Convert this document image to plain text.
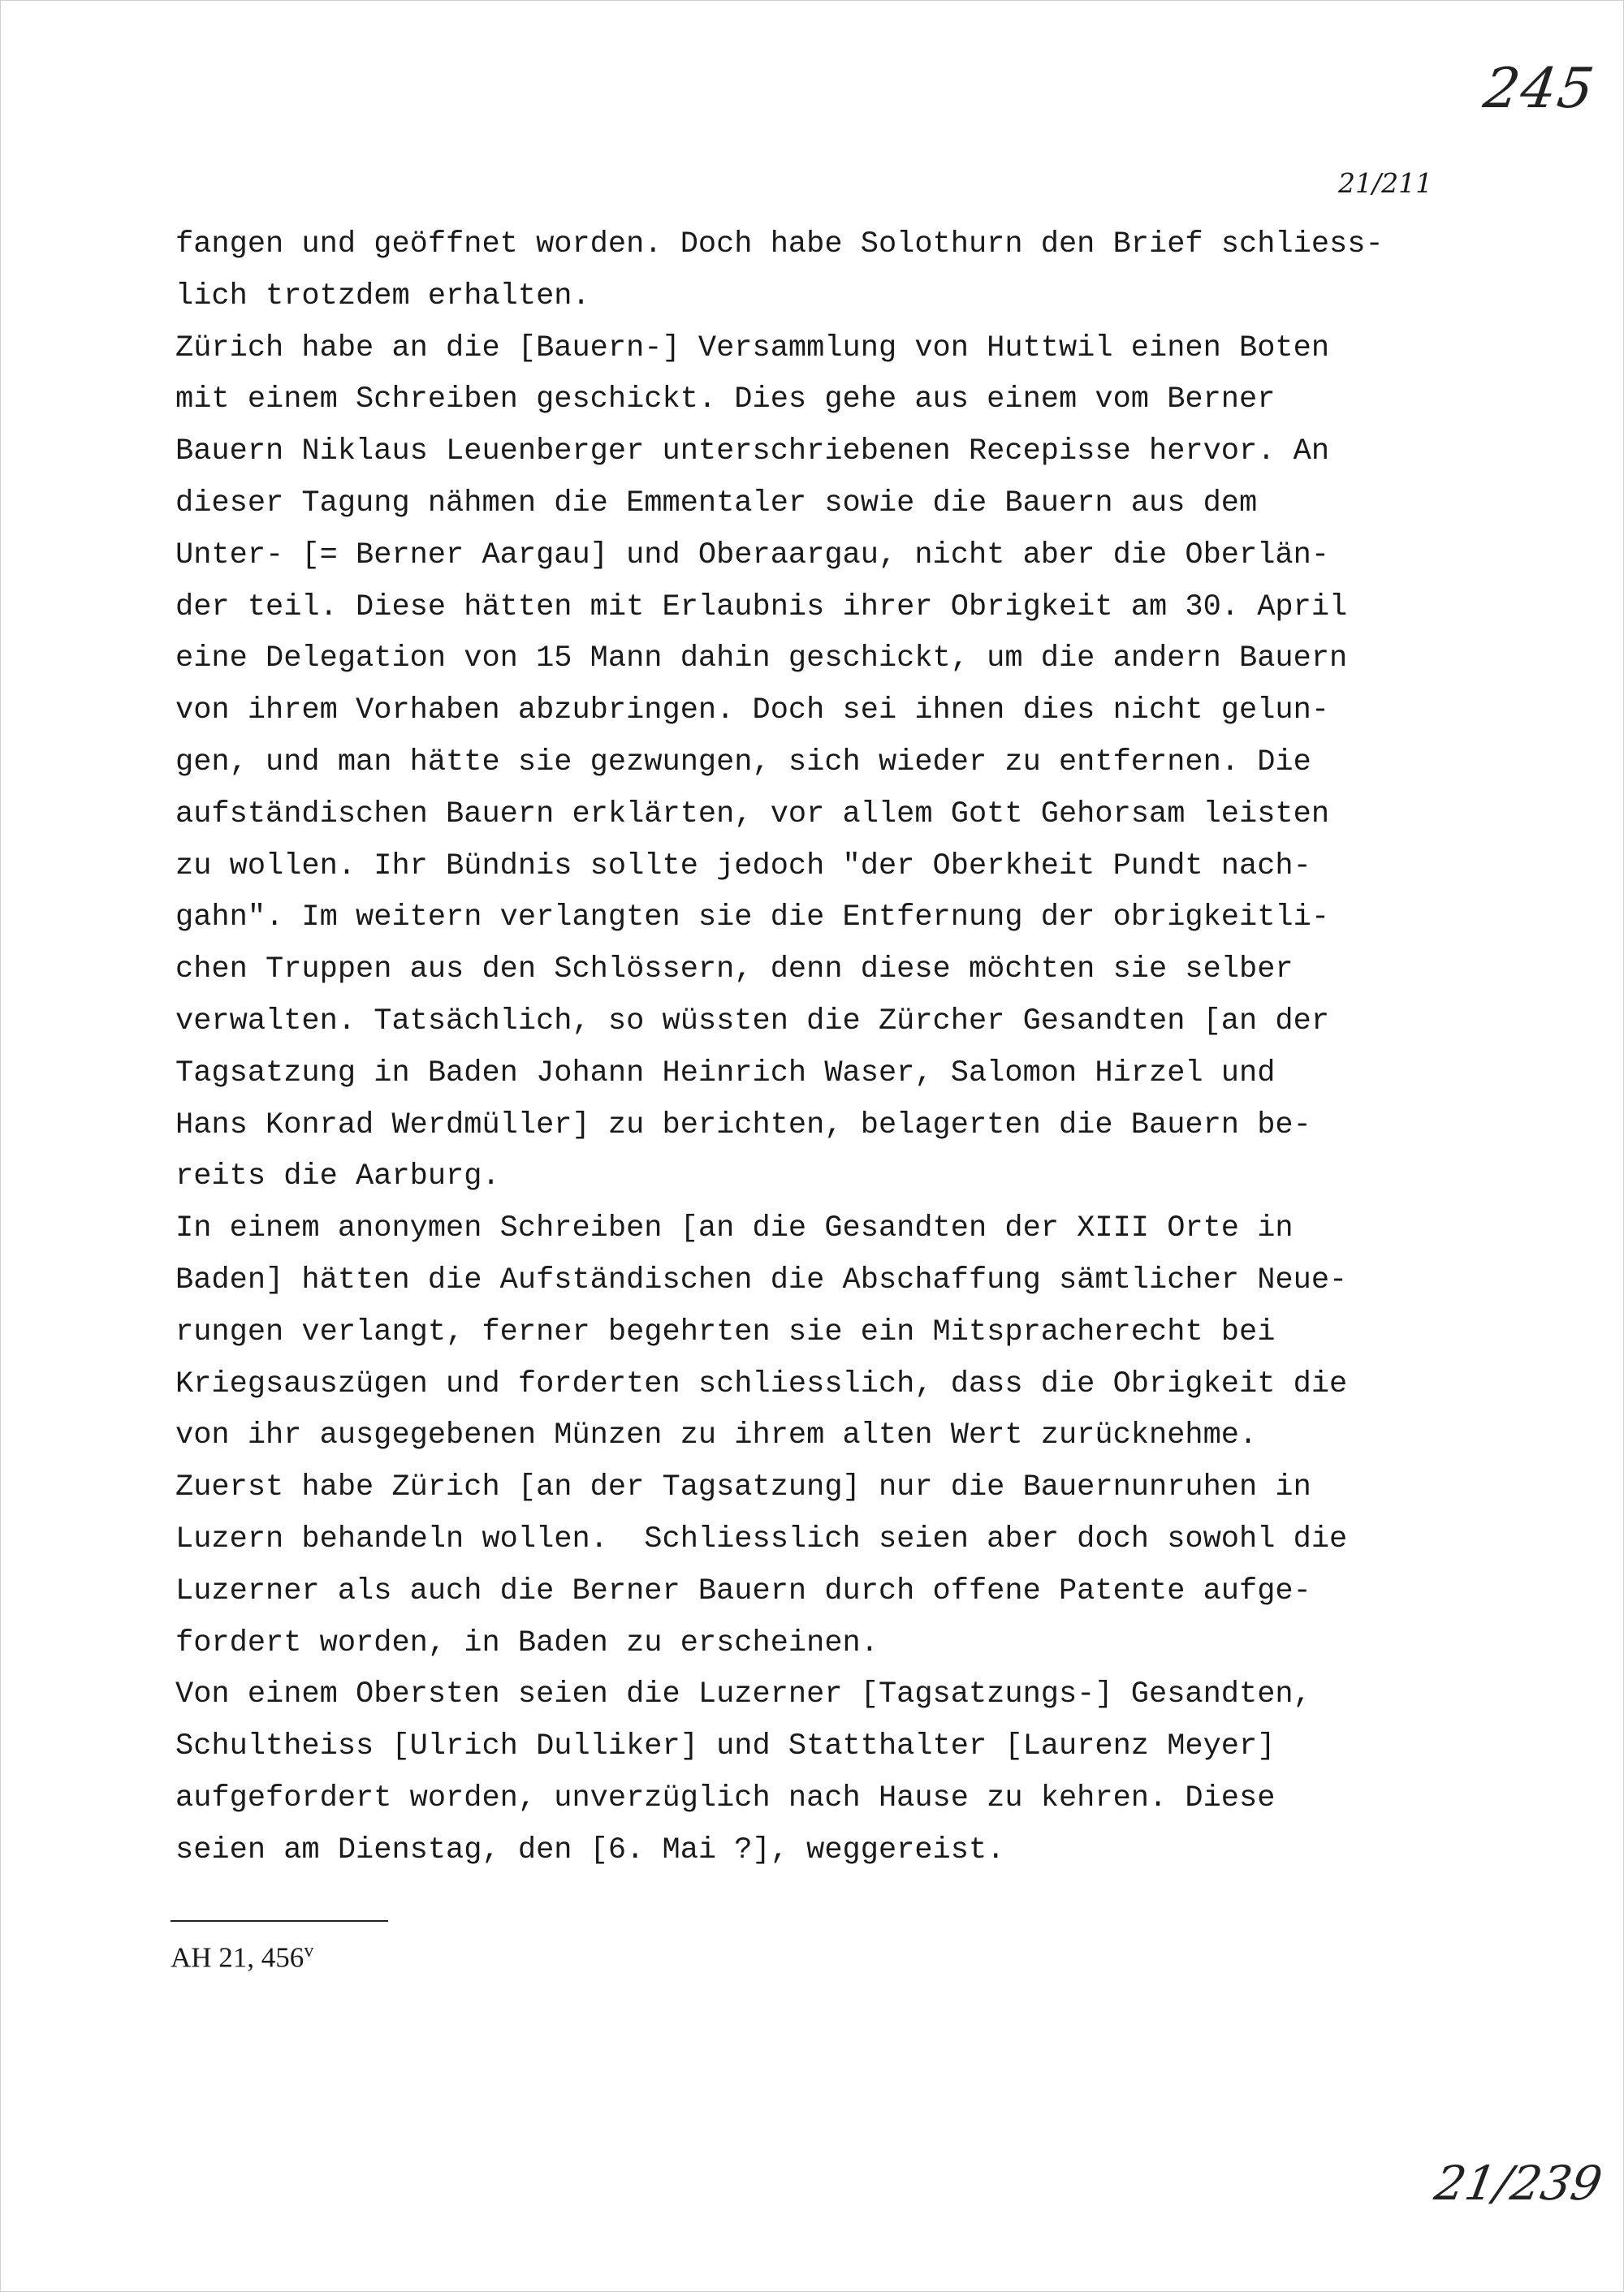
245
21/211
fangen und geöffnet worden. Doch habe Solothurn den Brief schliess-
lich trotzdem erhalten.
Zürich habe an die [Bauern-] Versammlung von Huttwil einen Boten
mit einem Schreiben geschickt. Dies gehe aus einem vom Berner
Bauern Niklaus Leuenberger unterschriebenen Recepisse hervor. An
dieser Tagung nähmen die Emmentaler sowie die Bauern aus dem
Unter- [= Berner Aargau] und Oberaargau, nicht aber die Oberlän-
der teil. Diese hätten mit Erlaubnis ihrer Obrigkeit am 30. April
eine Delegation von 15 Mann dahin geschickt, um die andern Bauern
von ihrem Vorhaben abzubringen. Doch sei ihnen dies nicht gelun-
gen, und man hätte sie gezwungen, sich wieder zu entfernen. Die
aufständischen Bauern erklärten, vor allem Gott Gehorsam leisten
zu wollen. Ihr Bündnis sollte jedoch "der Oberkheit Pundt nach-
gahn". Im weitern verlangten sie die Entfernung der obrigkeitli-
chen Truppen aus den Schlössern, denn diese möchten sie selber
verwalten. Tatsächlich, so wüssten die Zürcher Gesandten [an der
Tagsatzung in Baden Johann Heinrich Waser, Salomon Hirzel und
Hans Konrad Werdmüller] zu berichten, belagerten die Bauern be-
reits die Aarburg.
In einem anonymen Schreiben [an die Gesandten der XIII Orte in
Baden] hätten die Aufständischen die Abschaffung sämtlicher Neue-
rungen verlangt, ferner begehrten sie ein Mitspracherecht bei
Kriegsauszügen und forderten schliesslich, dass die Obrigkeit die
von ihr ausgegebenen Münzen zu ihrem alten Wert zurücknehme.
Zuerst habe Zürich [an der Tagsatzung] nur die Bauernunruhen in
Luzern behandeln wollen.  Schliesslich seien aber doch sowohl die
Luzerner als auch die Berner Bauern durch offene Patente aufge-
fordert worden, in Baden zu erscheinen.
Von einem Obersten seien die Luzerner [Tagsatzungs-] Gesandten,
Schultheiss [Ulrich Dulliker] und Statthalter [Laurenz Meyer]
aufgefordert worden, unverzüglich nach Hause zu kehren. Diese
seien am Dienstag, den [6. Mai ?], weggereist.
AH 21, 456$^v$
21/239
